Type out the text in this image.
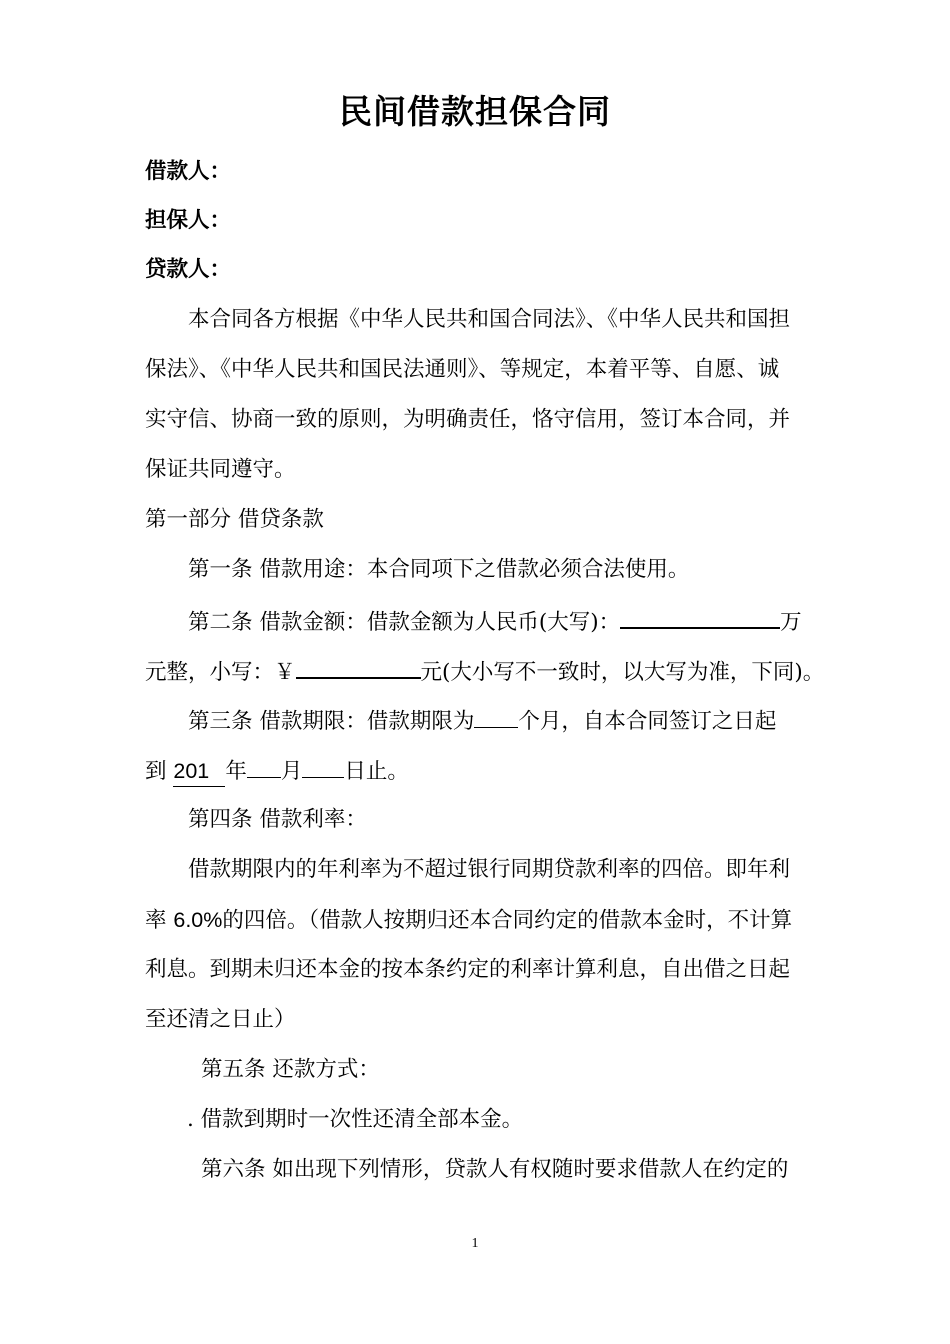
民间借款担保合同
借款人：
担保人：
贷款人：
本合同各方根据《中华人民共和国合同法》、《中华人民共和国担
保法》、《中华人民共和国民法通则》、等规定，本着平等、自愿、诚
实守信、协商一致的原则，为明确责任，恪守信用，签订本合同，并
保证共同遵守。
第一部分 借贷条款
第一条 借款用途：本合同项下之借款必须合法使用。
第二条 借款金额：借款金额为人民币(大写)：	万
元整，小写：￥	元(大小写不一致时，以大写为准，下同)。
第三条 借款期限：借款期限为 个月，自本合同签订之日起
到 201 年 月 日止。
第四条 借款利率：
借款期限内的年利率为不超过银行同期贷款利率的四倍。即年利
率 6.0%的四倍。（借款人按期归还本合同约定的借款本金时，不计算
利息。到期未归还本金的按本条约定的利率计算利息，自出借之日起
至还清之日止）
第五条 还款方式：
. 借款到期时一次性还清全部本金。
第六条 如出现下列情形，贷款人有权随时要求借款人在约定的
1
